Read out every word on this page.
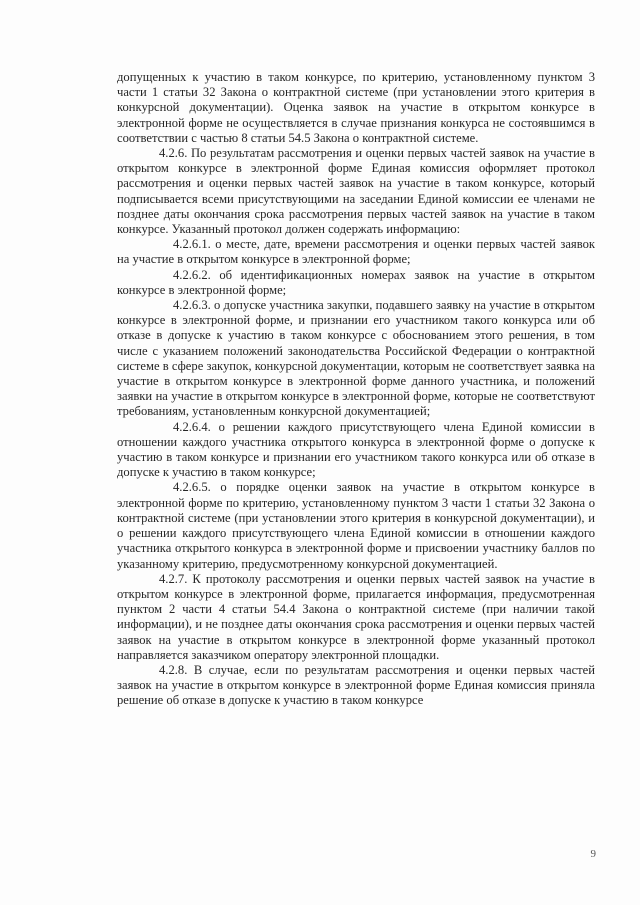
допущенных к участию в таком конкурсе, по критерию, установленному пунктом 3 части 1 статьи 32 Закона о контрактной системе (при установлении этого критерия в конкурсной документации). Оценка заявок на участие в открытом конкурсе в электронной форме не осуществляется в случае признания конкурса не состоявшимся в соответствии с частью 8 статьи 54.5 Закона о контрактной системе.

4.2.6. По результатам рассмотрения и оценки первых частей заявок на участие в открытом конкурсе в электронной форме Единая комиссия оформляет протокол рассмотрения и оценки первых частей заявок на участие в таком конкурсе, который подписывается всеми присутствующими на заседании Единой комиссии ее членами не позднее даты окончания срока рассмотрения первых частей заявок на участие в таком конкурсе. Указанный протокол должен содержать информацию:

4.2.6.1. о месте, дате, времени рассмотрения и оценки первых частей заявок на участие в открытом конкурсе в электронной форме;

4.2.6.2. об идентификационных номерах заявок на участие в открытом конкурсе в электронной форме;

4.2.6.3. о допуске участника закупки, подавшего заявку на участие в открытом конкурсе в электронной форме, и признании его участником такого конкурса или об отказе в допуске к участию в таком конкурсе с обоснованием этого решения, в том числе с указанием положений законодательства Российской Федерации о контрактной системе в сфере закупок, конкурсной документации, которым не соответствует заявка на участие в открытом конкурсе в электронной форме данного участника, и положений заявки на участие в открытом конкурсе в электронной форме, которые не соответствуют требованиям, установленным конкурсной документацией;

4.2.6.4. о решении каждого присутствующего члена Единой комиссии в отношении каждого участника открытого конкурса в электронной форме о допуске к участию в таком конкурсе и признании его участником такого конкурса или об отказе в допуске к участию в таком конкурсе;

4.2.6.5. о порядке оценки заявок на участие в открытом конкурсе в электронной форме по критерию, установленному пунктом 3 части 1 статьи 32 Закона о контрактной системе (при установлении этого критерия в конкурсной документации), и о решении каждого присутствующего члена Единой комиссии в отношении каждого участника открытого конкурса в электронной форме и присвоении участнику баллов по указанному критерию, предусмотренному конкурсной документацией.

4.2.7. К протоколу рассмотрения и оценки первых частей заявок на участие в открытом конкурсе в электронной форме, прилагается информация, предусмотренная пунктом 2 части 4 статьи 54.4 Закона о контрактной системе (при наличии такой информации), и не позднее даты окончания срока рассмотрения и оценки первых частей заявок на участие в открытом конкурсе в электронной форме указанный протокол направляется заказчиком оператору электронной площадки.

4.2.8. В случае, если по результатам рассмотрения и оценки первых частей заявок на участие в открытом конкурсе в электронной форме Единая комиссия приняла решение об отказе в допуске к участию в таком конкурсе

9
